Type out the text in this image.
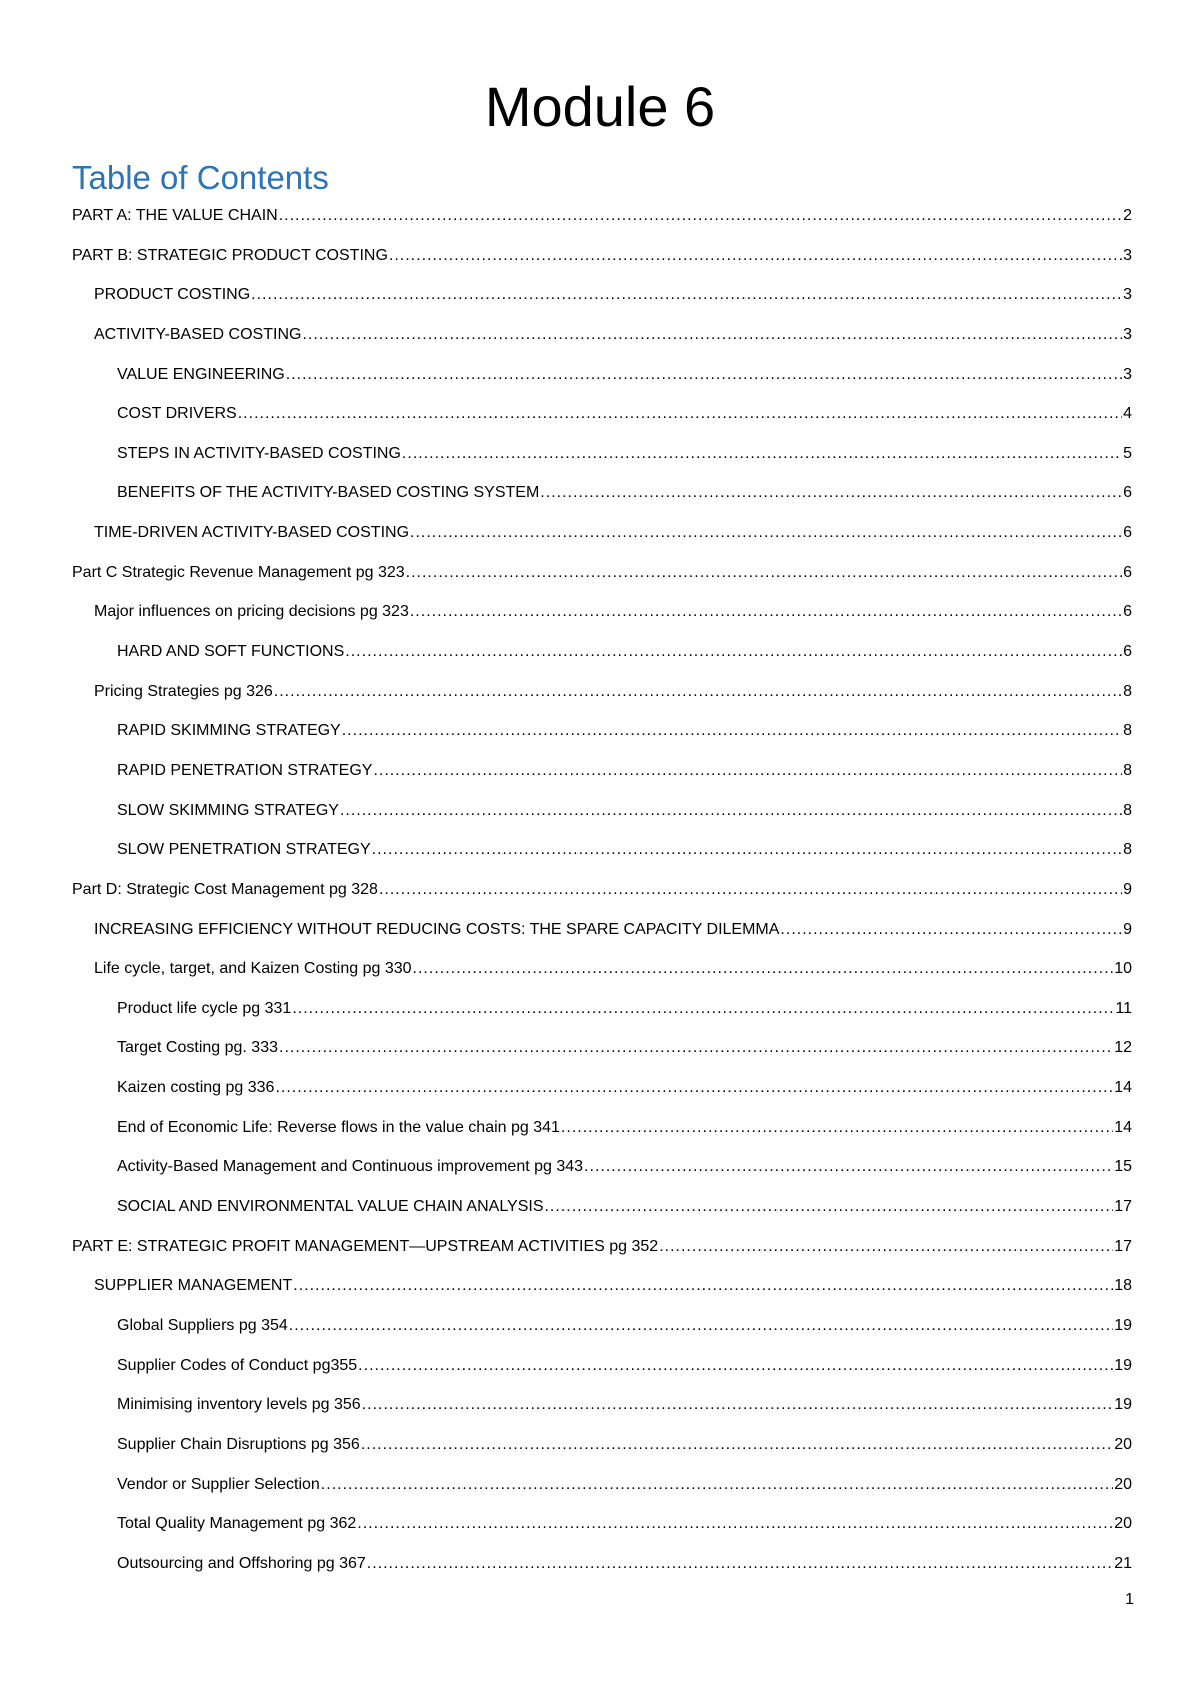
Module 6
Table of Contents
PART A: THE VALUE CHAIN .....	2
PART B: STRATEGIC PRODUCT COSTING .....	3
PRODUCT COSTING .....	3
ACTIVITY-BASED COSTING .....	3
VALUE ENGINEERING .....	3
COST DRIVERS .....	4
STEPS IN ACTIVITY-BASED COSTING .....	5
BENEFITS OF THE ACTIVITY-BASED COSTING SYSTEM .....	6
TIME-DRIVEN ACTIVITY-BASED COSTING .....	6
Part C Strategic Revenue Management pg 323 .....	6
Major influences on pricing decisions pg 323 .....	6
HARD AND SOFT FUNCTIONS .....	6
Pricing Strategies pg 326 .....	8
RAPID SKIMMING STRATEGY .....	8
RAPID PENETRATION STRATEGY .....	8
SLOW SKIMMING STRATEGY .....	8
SLOW PENETRATION STRATEGY .....	8
Part D: Strategic Cost Management pg 328 .....	9
INCREASING EFFICIENCY WITHOUT REDUCING COSTS: THE SPARE CAPACITY DILEMMA .....	9
Life cycle, target, and Kaizen Costing pg 330 .....	10
Product life cycle pg 331 .....	11
Target Costing pg. 333 .....	12
Kaizen costing pg 336 .....	14
End of Economic Life: Reverse flows in the value chain pg 341 .....	14
Activity-Based Management and Continuous improvement pg 343 .....	15
SOCIAL AND ENVIRONMENTAL VALUE CHAIN ANALYSIS .....	17
PART E: STRATEGIC PROFIT MANAGEMENT—UPSTREAM ACTIVITIES pg 352 .....	17
SUPPLIER MANAGEMENT .....	18
Global Suppliers pg 354 .....	19
Supplier Codes of Conduct pg355 .....	19
Minimising inventory levels pg 356 .....	19
Supplier Chain Disruptions pg 356 .....	20
Vendor or Supplier Selection .....	20
Total Quality Management pg 362 .....	20
Outsourcing and Offshoring pg 367 .....	21
1
